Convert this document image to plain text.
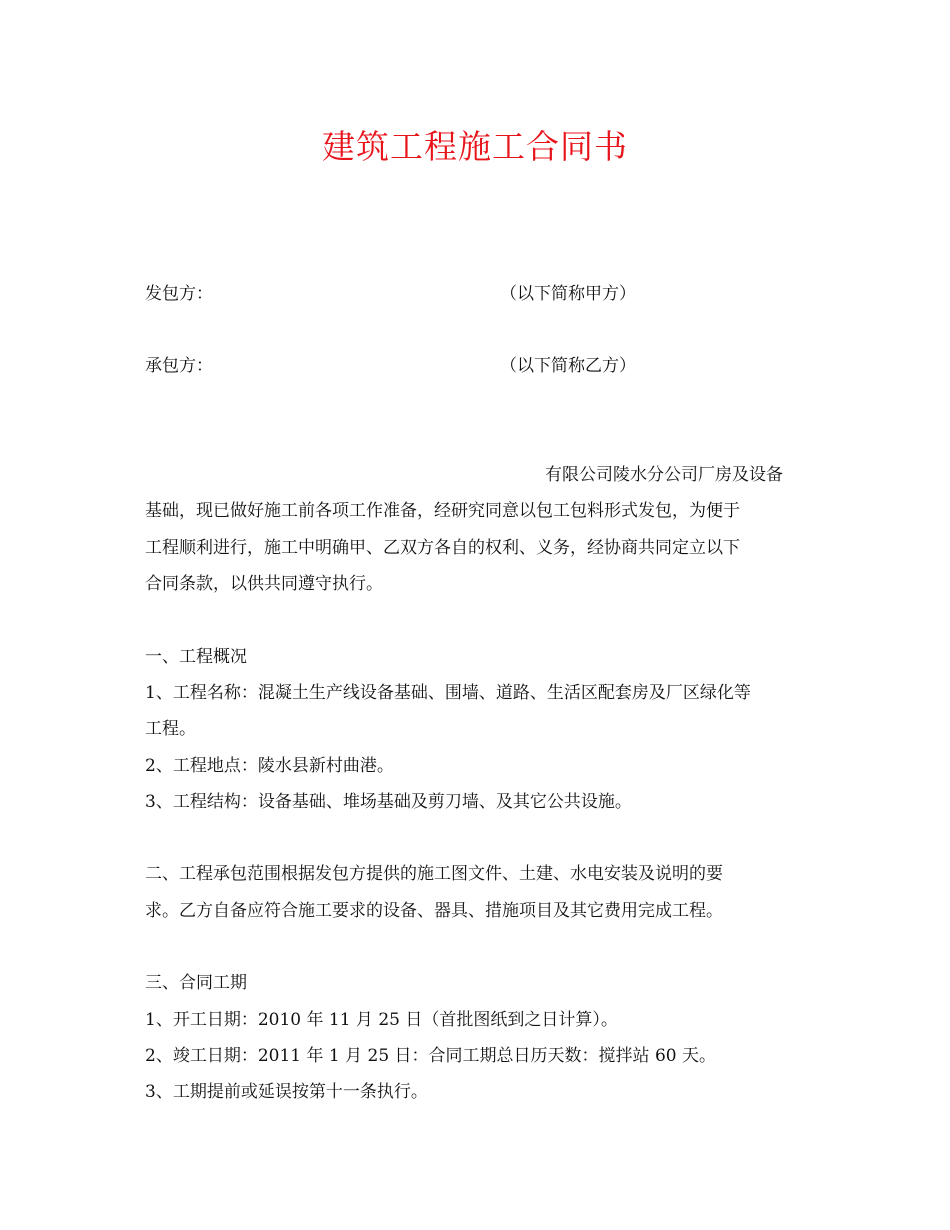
建筑工程施工合同书
发包方：	（以下简称甲方）
承包方：	（以下简称乙方）
有限公司陵水分公司厂房及设备
基础，现已做好施工前各项工作准备，经研究同意以包工包料形式发包，为便于
工程顺利进行，施工中明确甲、乙双方各自的权利、义务，经协商共同定立以下
合同条款，以供共同遵守执行。
一、工程概况
1、工程名称：混凝土生产线设备基础、围墙、道路、生活区配套房及厂区绿化等
工程。
2、工程地点：陵水县新村曲港。
3、工程结构：设备基础、堆场基础及剪刀墙、及其它公共设施。
二、工程承包范围根据发包方提供的施工图文件、土建、水电安装及说明的要
求。乙方自备应符合施工要求的设备、器具、措施项目及其它费用完成工程。
三、合同工期
1、开工日期：2010 年 11 月 25 日（首批图纸到之日计算）。
2、竣工日期：2011 年 1 月 25 日：合同工期总日历天数：搅拌站 60 天。
3、工期提前或延误按第十一条执行。
